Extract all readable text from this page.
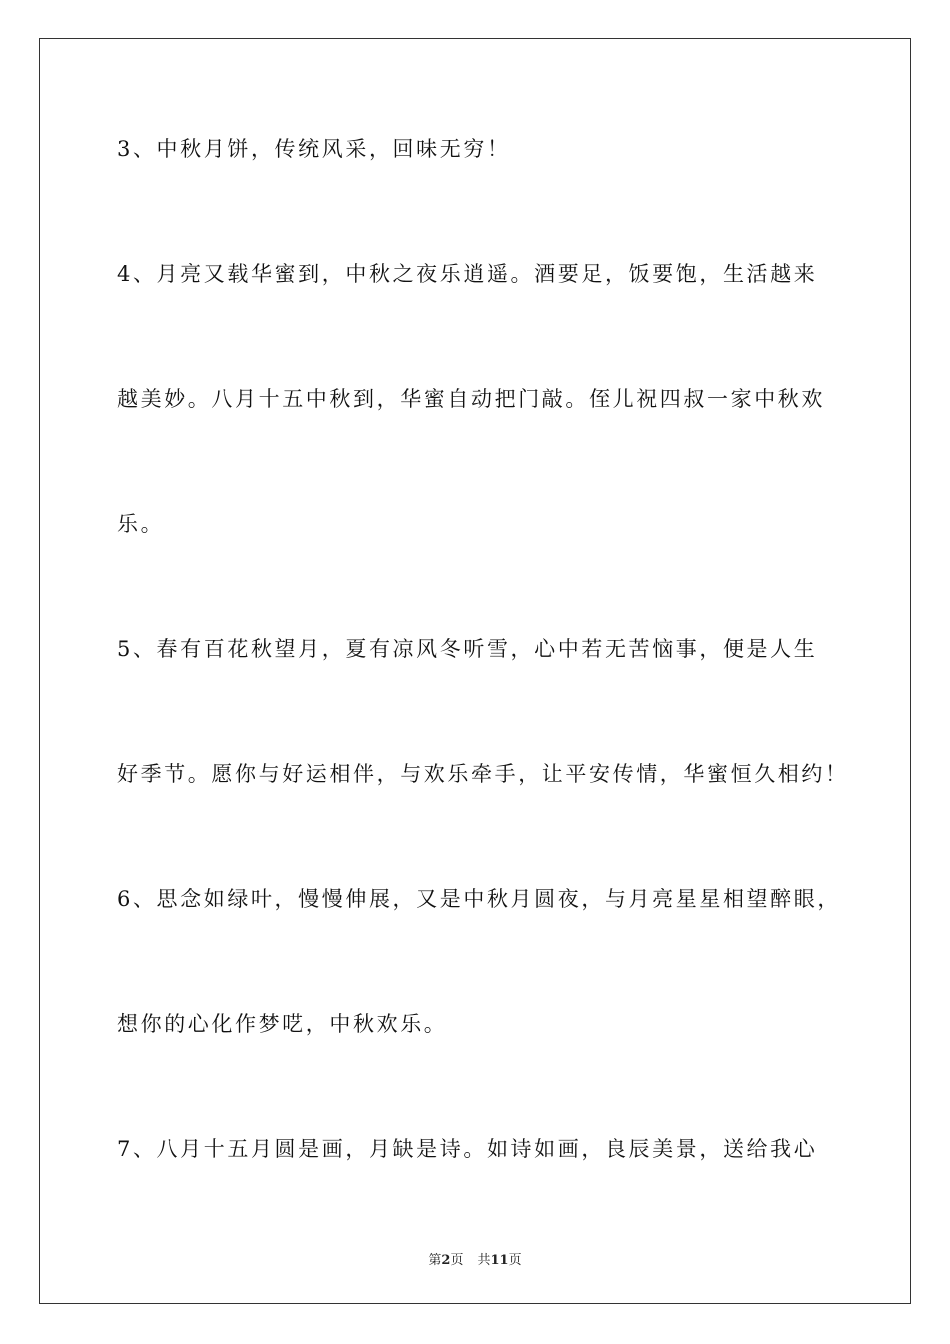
3、中秋月饼，传统风采，回味无穷！
4、月亮又载华蜜到，中秋之夜乐逍遥。酒要足，饭要饱，生活越来
越美妙。八月十五中秋到，华蜜自动把门敲。侄儿祝四叔一家中秋欢
乐。
5、春有百花秋望月，夏有凉风冬听雪，心中若无苦恼事，便是人生
好季节。愿你与好运相伴，与欢乐牵手，让平安传情，华蜜恒久相约！
6、思念如绿叶，慢慢伸展，又是中秋月圆夜，与月亮星星相望醉眼，
想你的心化作梦呓，中秋欢乐。
7、八月十五月圆是画，月缺是诗。如诗如画，良辰美景，送给我心
第2页 共11页
